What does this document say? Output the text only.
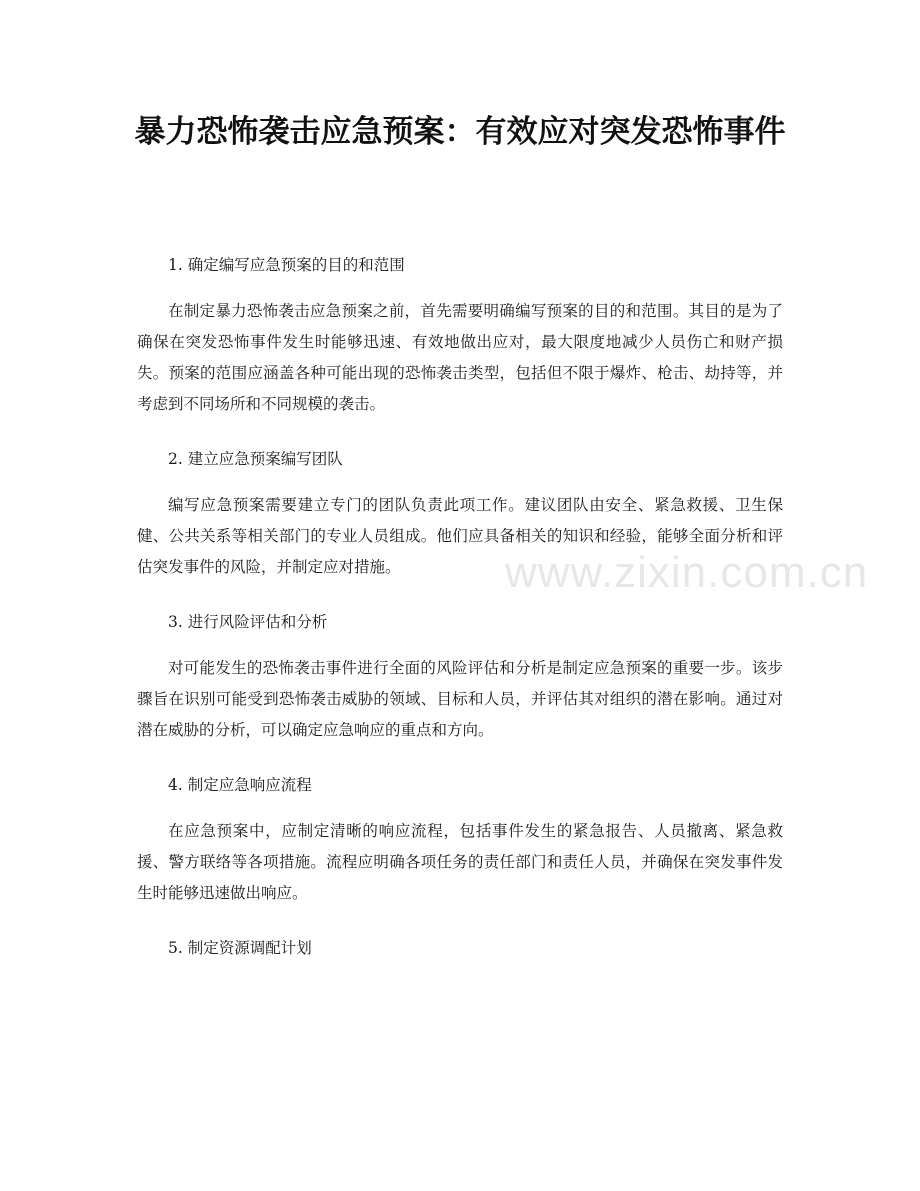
暴力恐怖袭击应急预案：有效应对突发恐怖事件
www.zixin.com.cn

1. 确定编写应急预案的目的和范围

在制定暴力恐怖袭击应急预案之前，首先需要明确编写预案的目的和范围。其目的是为了确保在突发恐怖事件发生时能够迅速、有效地做出应对，最大限度地减少人员伤亡和财产损失。预案的范围应涵盖各种可能出现的恐怖袭击类型，包括但不限于爆炸、枪击、劫持等，并考虑到不同场所和不同规模的袭击。

2. 建立应急预案编写团队

编写应急预案需要建立专门的团队负责此项工作。建议团队由安全、紧急救援、卫生保健、公共关系等相关部门的专业人员组成。他们应具备相关的知识和经验，能够全面分析和评估突发事件的风险，并制定应对措施。

3. 进行风险评估和分析

对可能发生的恐怖袭击事件进行全面的风险评估和分析是制定应急预案的重要一步。该步骤旨在识别可能受到恐怖袭击威胁的领域、目标和人员，并评估其对组织的潜在影响。通过对潜在威胁的分析，可以确定应急响应的重点和方向。

4. 制定应急响应流程

在应急预案中，应制定清晰的响应流程，包括事件发生的紧急报告、人员撤离、紧急救援、警方联络等各项措施。流程应明确各项任务的责任部门和责任人员，并确保在突发事件发生时能够迅速做出响应。

5. 制定资源调配计划
